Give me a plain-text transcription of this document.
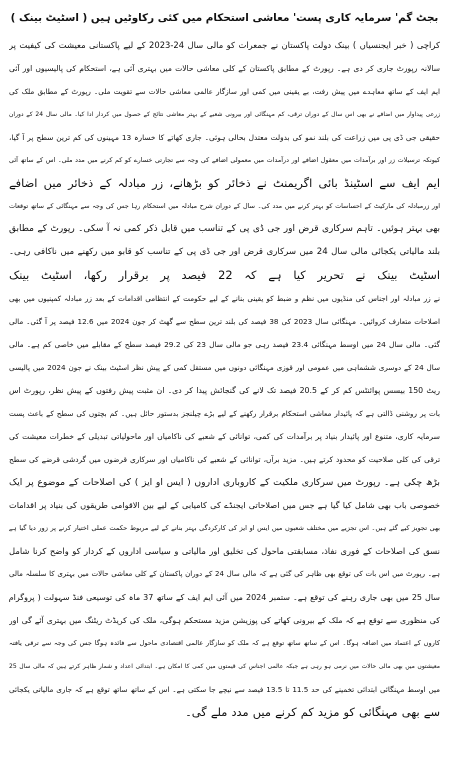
بجٹ گم' سرمایہ کاری پست' معاشی استحکام میں کئی رکاوٹیں ہیں ( اسٹیٹ بینک )
کراچی ( خبر ایجنسیاں ) بینک دولت پاکستان نے جمعرات کو مالی سال 24-2023 کے لیے پاکستانی معیشت کی کیفیت پر
سالانہ رپورٹ جاری کر دی ہے۔ رپورٹ کے مطابق پاکستان کے کلی معاشی حالات میں بہتری آئی ہے، استحکام کی پالیسیوں اور آئی
ایم ایف کے ساتھ معاہدے میں پیش رفت، بے یقینی میں کمی اور سازگار عالمی معاشی حالات سے تقویت ملی۔ رپورٹ کے مطابق ملک کی
زرعی پیداوار میں اضافے نے بھی اس سال کے دوران ترقی، کم مہنگائی اور بیرونی شعبے کے بہتر معاشی نتائج کے حصول میں کردار ادا کیا۔ مالی سال 24 کے دوران
حقیقی جی ڈی پی میں زراعت کی بلند نمو کی بدولت معتدل بحالی ہوئی۔ جاری کھاتے کا خسارہ 13 مہینوں کی کم ترین سطح پر آ گیا،
کیونکہ ترسیلات زر اور برآمدات میں معقول اضافے اور درآمدات میں معمولی اضافے کی وجہ سے تجارتی خسارے کو کم کرنے میں مدد ملی۔ اس کے ساتھ آئی
ایم ایف سے اسٹینڈ بائی اگریمنٹ نے ذخائر کو بڑھانے، زر مبادلہ کے ذخائر میں اضافے
اور زرمبادلہ کی مارکیٹ کے احساسات کو بہتر کرنے میں مدد کی۔ سال کے دوران شرح مبادلہ میں استحکام رہا جس کی وجہ سے مہنگائی کے ساتھ توقعات
بھی بہتر ہوئیں۔ تاہم سرکاری قرض اور جی ڈی پی کے تناسب میں قابل ذکر کمی نہ آ سکی۔ رپورٹ کے مطابق
بلند مالیاتی یکجائی مالی سال 24 میں سرکاری قرض اور جی ڈی پی کے تناسب کو قابو میں رکھنے میں ناکافی رہی۔
اسٹیٹ بینک نے تحریر کیا ہے کہ 22 فیصد پر برقرار رکھا، اسٹیٹ بینک
نے زر مبادلہ اور اجناس کی منڈیوں میں نظم و ضبط کو یقینی بنانے کے لیے حکومت کے انتظامی اقدامات کے بعد زر مبادلہ کمپنیوں میں بھی
اصلاحات متعارف کروائیں۔ مہنگائی سال 2023 کی 38 فیصد کی بلند ترین سطح سے گھٹ کر جون 2024 میں 12.6 فیصد پر آ گئی۔ مالی
گئی۔ مالی سال 24 میں اوسط مہنگائی 23.4 فیصد رہی جو مالی سال 23 کی 29.2 فیصد سطح کے مقابلے میں خاصی کم ہے۔ مالی
سال 24 کے دوسری ششماہی میں عمومی اور قوزی مہنگائی دونوں میں مستقل کمی کے پیش نظر اسٹیٹ بینک نے جون 2024 میں پالیسی
ریٹ 150 بیسس پوائنٹس کم کر کے 20.5 فیصد تک لانے کی گنجائش پیدا کر دی۔ ان مثبت پیش رفتوں کے پیش نظر، رپورٹ اس
بات پر روشنی ڈالتی ہے کہ پائیدار معاشی استحکام برقرار رکھنے کے لیے بڑے چیلنجز بدستور حائل ہیں۔ کم بچتوں کی سطح کے باعث پست
سرمایہ کاری، متنوع اور پائیدار بنیاد پر برآمدات کی کمی، توانائی کے شعبے کی ناکامیاں اور ماحولیاتی تبدیلی کے خطرات معیشت کی
ترقی کی کلی صلاحیت کو محدود کرتے ہیں۔ مزید برآں، توانائی کے شعبے کی ناکامیاں اور سرکاری قرضوں میں گردشی قرضے کی سطح
بڑھ چکی ہے۔ رپورٹ میں سرکاری ملکیت کے کاروباری اداروں ( ایس او ایز ) کی اصلاحات کے موضوع پر ایک
خصوصی باب بھی شامل کیا گیا ہے جس میں اصلاحاتی ایجنڈے کی کامیابی کے لیے بین الاقوامی طریقوں کی بنیاد پر اقدامات
بھی تجویز کیے گئے ہیں۔ اس تجزیے میں مختلف شعبوں میں ایس او ایز کی کارکردگی بہتر بنانے کے لیے مربوط حکمت عملی اختیار کرنے پر زور دیا گیا ہے
نسق کی اصلاحات کے فوری نفاذ، مسابقتی ماحول کی تخلیق اور مالیاتی و سیاسی اداروں کے کردار کو واضح کرنا شامل
ہے۔ رپورٹ میں اس بات کی توقع بھی ظاہر کی گئی ہے کہ مالی سال 24 کے دوران پاکستان کے کلی معاشی حالات میں بہتری کا سلسلہ مالی
سال 25 میں بھی جاری رہنے کی توقع ہے۔ ستمبر 2024 میں آئی ایم ایف کے ساتھ 37 ماہ کی توسیعی فنڈ سہولت ( پروگرام
کی منظوری سے توقع ہے کہ ملک کے بیرونی کھاتے کی پوزیشن مزید مستحکم ہوگی، ملک کی کریڈٹ ریٹنگ میں بہتری آئے گی اور
کاروں کے اعتماد میں اضافہ ہوگا۔ اس کے ساتھ ساتھ توقع ہے کہ ملک کو سازگار عالمی اقتصادی ماحول سے فائدہ ہوگا جس کی وجہ سے ترقی یافتہ
معیشتوں میں بھی مالی حالات میں نرمی ہو رہی ہے جبکہ عالمی اجناس کی قیمتوں میں کمی کا امکان ہے۔ ابتدائی اعداد و شمار ظاہر کرتے ہیں کہ مالی سال 25
میں اوسط مہنگائی ابتدائی تخمینے کی حد 11.5 تا 13.5 فیصد سے نیچے جا سکتی ہے۔ اس کے ساتھ ساتھ توقع ہے کہ جاری مالیاتی یکجائی
سے بھی مہنگائی کو مزید کم کرنے میں مدد ملے گی۔
